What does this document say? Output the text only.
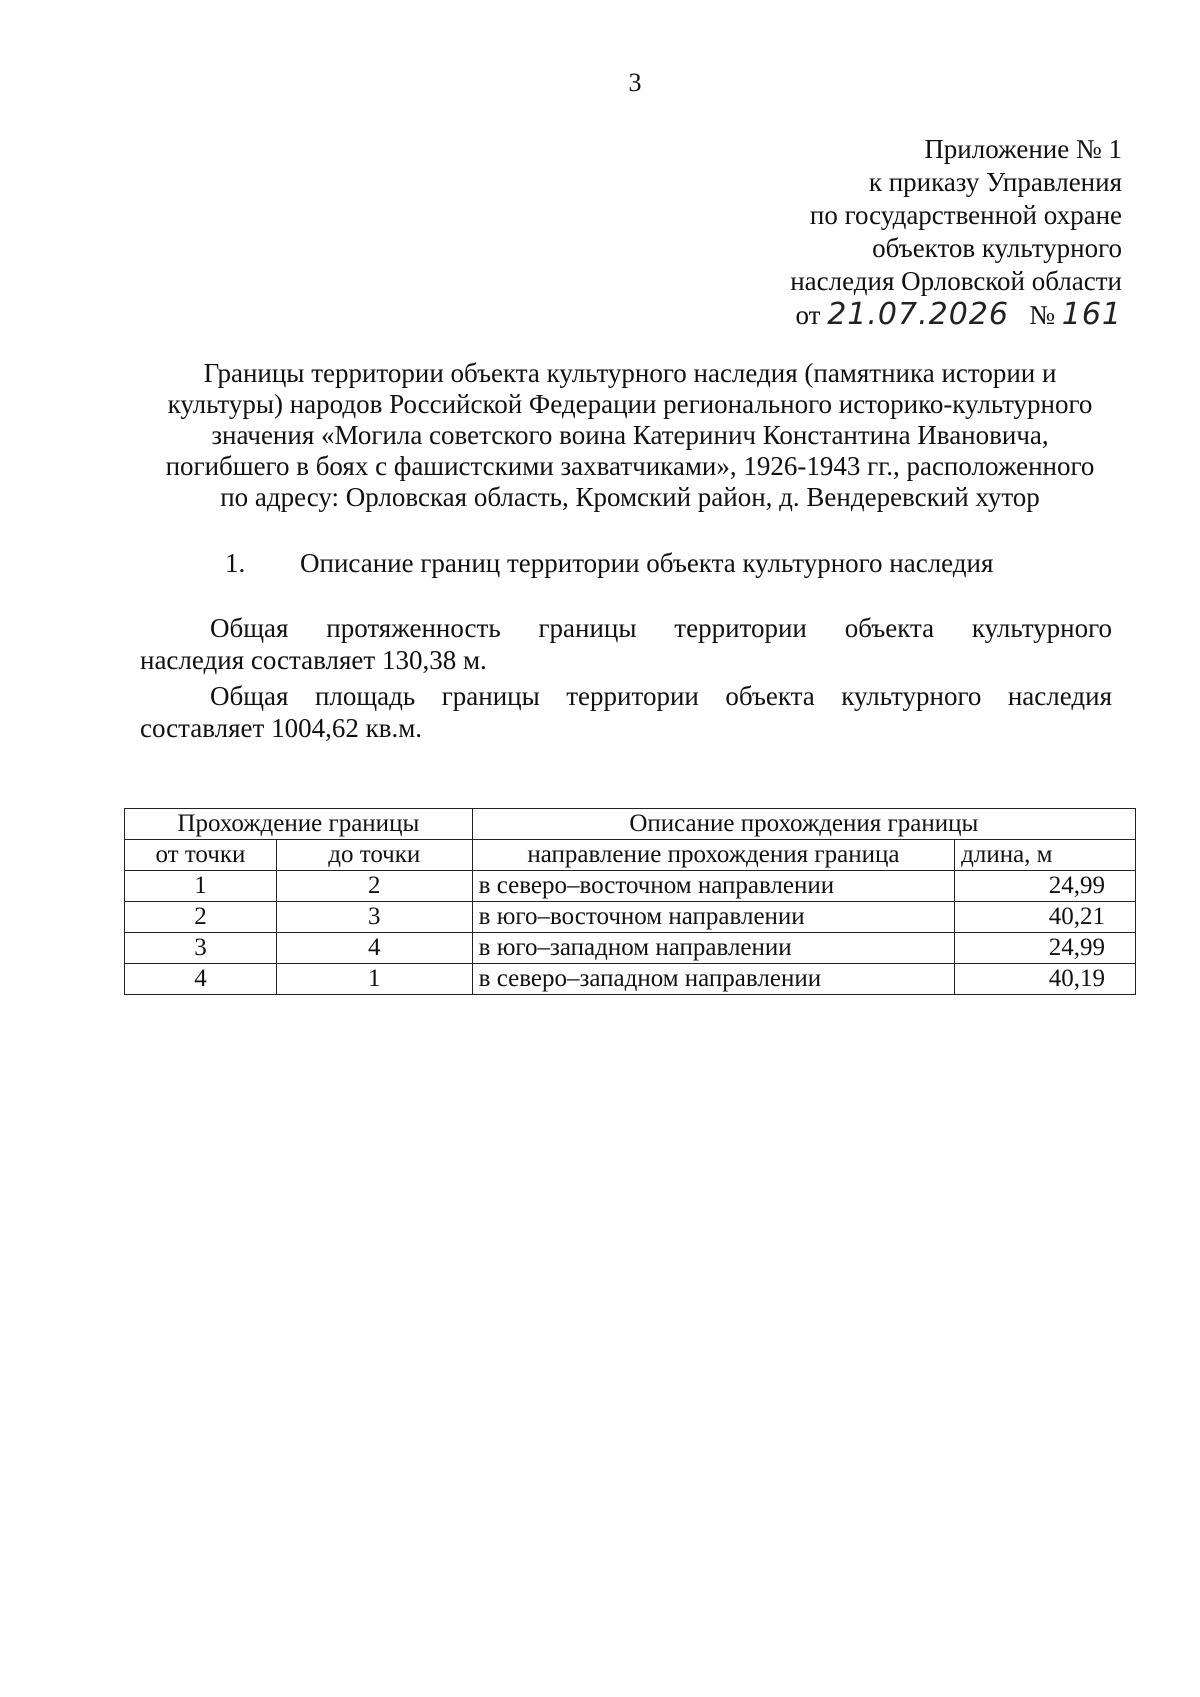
3
Приложение № 1
к приказу Управления
по государственной охране
объектов культурного
наследия Орловской области
от 21.07.2026 № 161
Границы территории объекта культурного наследия (памятника истории и
культуры) народов Российской Федерации регионального историко-культурного
значения «Могила советского воина Катеринич Константина Ивановича,
погибшего в боях с фашистскими захватчиками», 1926-1943 гг., расположенного
по адресу: Орловская область, Кромский район, д. Вендеревский хутор
1. Описание границ территории объекта культурного наследия
Общая протяженность границы территории объекта культурного
наследия составляет 130,38 м.
Общая площадь границы территории объекта культурного наследия
составляет 1004,62 кв.м.
Прохождение границы		Описание прохождения границы	
от точки	до точки	направление прохождения граница	длина, м
1	2	в северо–восточном направлении	24,99
2	3	в юго–восточном направлении	40,21
3	4	в юго–западном направлении	24,99
4	1	в северо–западном направлении	40,19
